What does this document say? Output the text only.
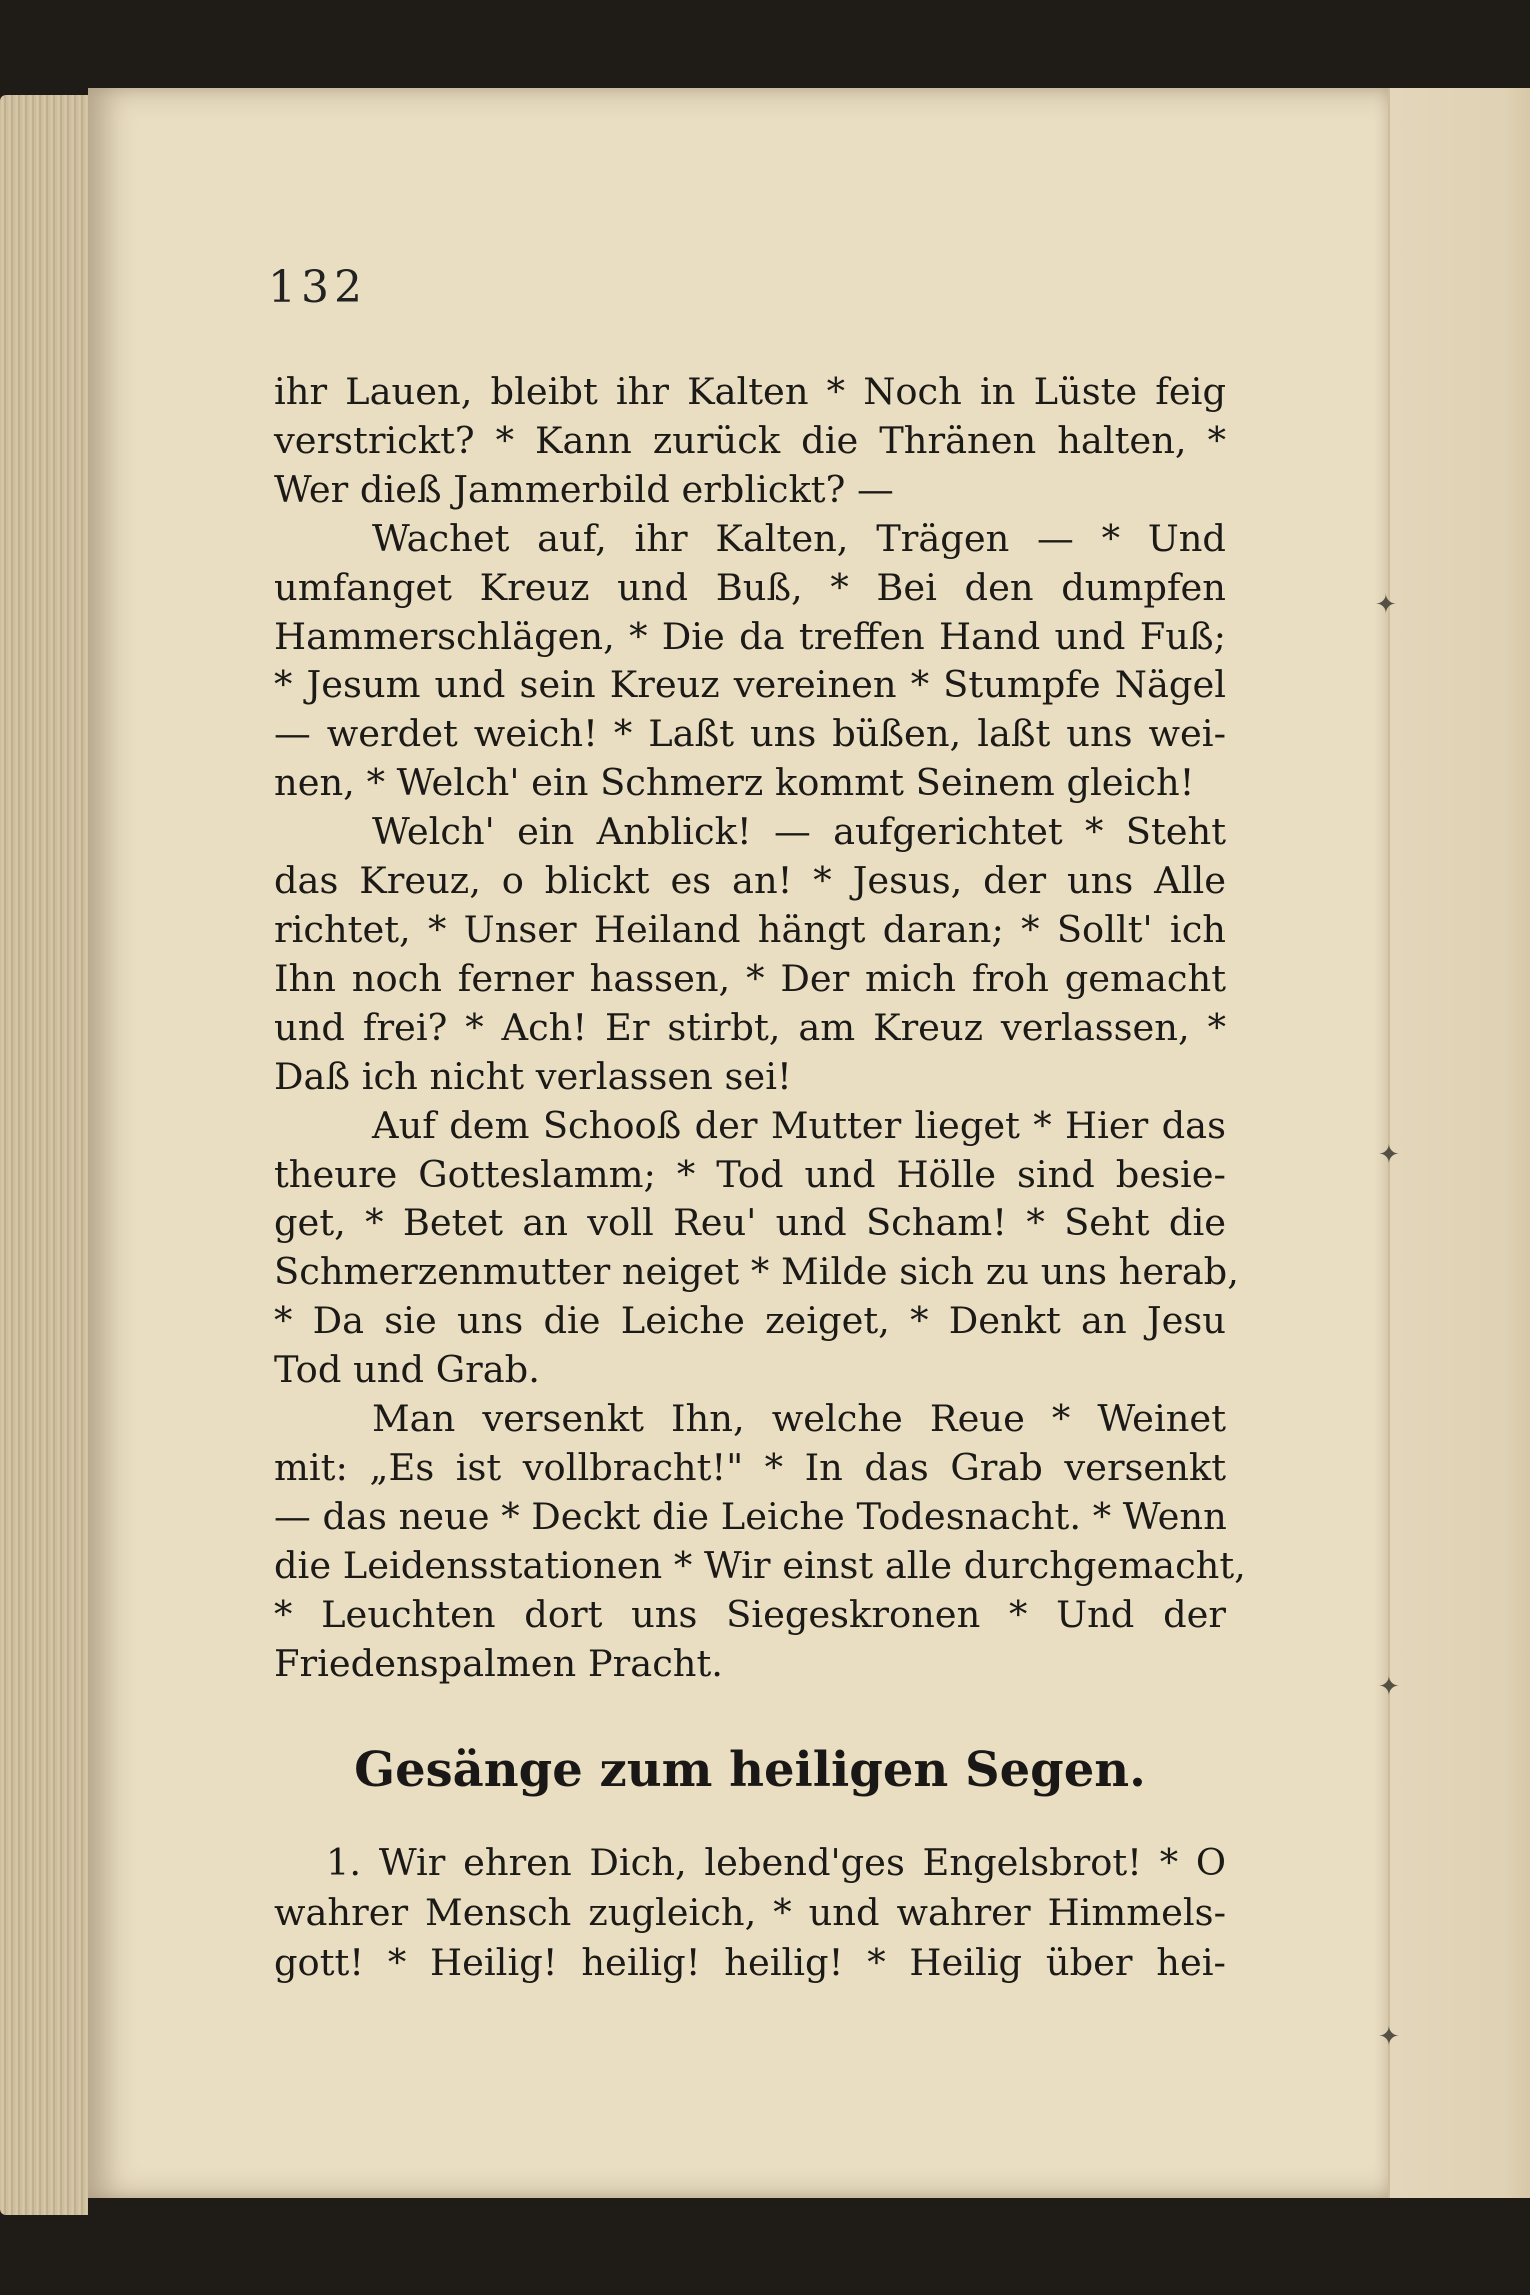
✦
✦
✦
✦
132
ihr Lauen, bleibt ihr Kalten * Noch in Lüste feig
verstrickt? * Kann zurück die Thränen halten, *
Wer dieß Jammerbild erblickt? —
Wachet auf, ihr Kalten, Trägen — * Und
umfanget Kreuz und Buß, * Bei den dumpfen
Hammerschlägen, * Die da treffen Hand und Fuß;
* Jesum und sein Kreuz vereinen * Stumpfe Nägel
— werdet weich! * Laßt uns büßen, laßt uns wei-
nen, * Welch' ein Schmerz kommt Seinem gleich!
Welch' ein Anblick! — aufgerichtet * Steht
das Kreuz, o blickt es an! * Jesus, der uns Alle
richtet, * Unser Heiland hängt daran; * Sollt' ich
Ihn noch ferner hassen, * Der mich froh gemacht
und frei? * Ach! Er stirbt, am Kreuz verlassen, *
Daß ich nicht verlassen sei!
Auf dem Schooß der Mutter lieget * Hier das
theure Gotteslamm; * Tod und Hölle sind besie-
get, * Betet an voll Reu' und Scham! * Seht die
Schmerzenmutter neiget * Milde sich zu uns herab,
* Da sie uns die Leiche zeiget, * Denkt an Jesu
Tod und Grab.
Man versenkt Ihn, welche Reue * Weinet
mit: „Es ist vollbracht!" * In das Grab versenkt
— das neue * Deckt die Leiche Todesnacht. * Wenn
die Leidensstationen * Wir einst alle durchgemacht,
* Leuchten dort uns Siegeskronen * Und der
Friedenspalmen Pracht.
Gesänge zum heiligen Segen.
1. Wir ehren Dich, lebend'ges Engelsbrot! * O
wahrer Mensch zugleich, * und wahrer Himmels-
gott! * Heilig! heilig! heilig! * Heilig über hei-
